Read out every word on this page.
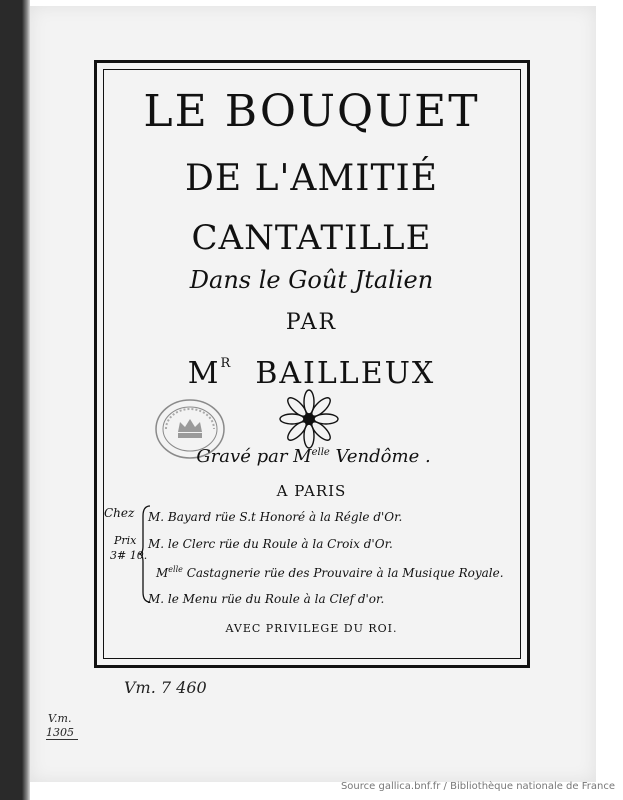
LE BOUQUET
DE L'AMITIÉ
CANTATILLE
Dans le Goût Jtalien
PAR
$M^R$ BAILLEUX
Gravé par $M^{elle}$ Vendôme .
A PARIS
Chez
Prix
3# 10.
M. Bayard rüe S.t Honoré à la Régle d'Or.
M. le Clerc rüe du Roule à la Croix d'Or.
$M^{elle}$ Castagnerie rüe des Prouvaire à la Musique Royale.
M. le Menu rüe du Roule à la Clef d'or.
AVEC PRIVILEGE DU ROI.
Vm. 7 460
V.m.
1305
Source gallica.bnf.fr / Bibliothèque nationale de France
